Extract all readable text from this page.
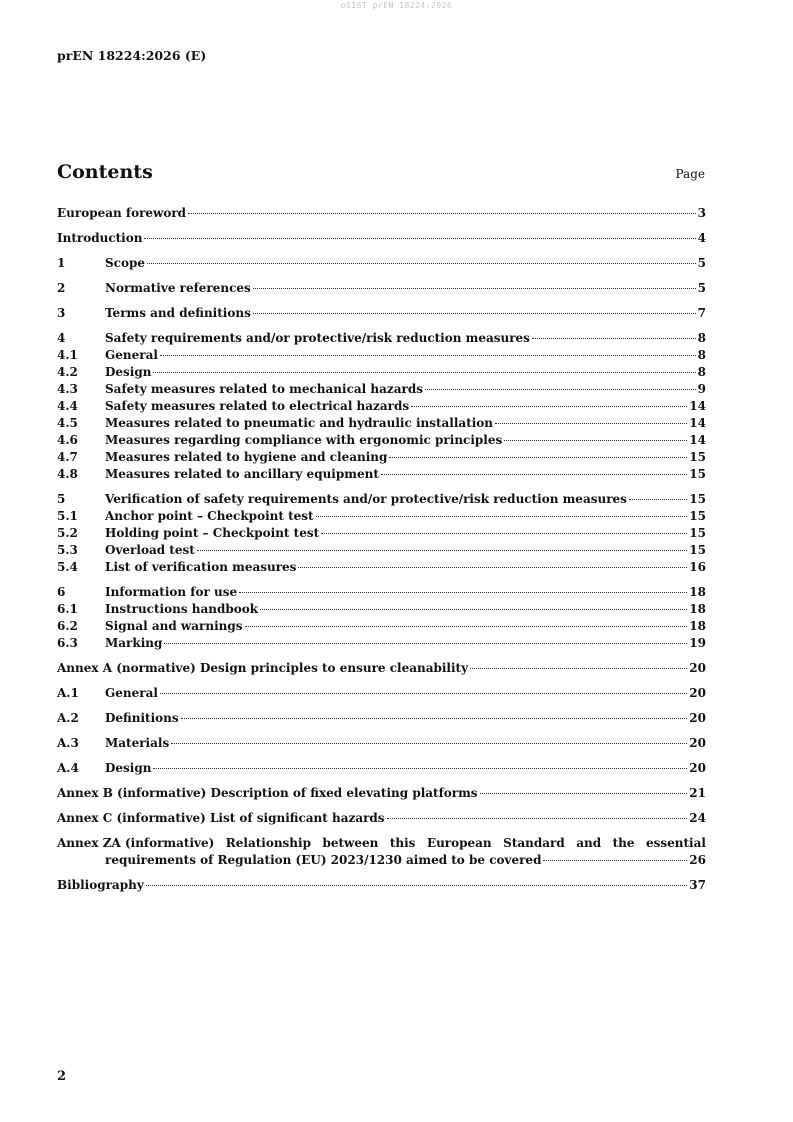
oSIST prEN 18224:2026
prEN 18224:2026 (E)
Contents	Page
European foreword	3
Introduction	4
1	Scope	5
2	Normative references	5
3	Terms and definitions	7
4	Safety requirements and/or protective/risk reduction measures	8
4.1	General	8
4.2	Design	8
4.3	Safety measures related to mechanical hazards	9
4.4	Safety measures related to electrical hazards	14
4.5	Measures related to pneumatic and hydraulic installation	14
4.6	Measures regarding compliance with ergonomic principles	14
4.7	Measures related to hygiene and cleaning	15
4.8	Measures related to ancillary equipment	15
5	Verification of safety requirements and/or protective/risk reduction measures	15
5.1	Anchor point – Checkpoint test	15
5.2	Holding point – Checkpoint test	15
5.3	Overload test	15
5.4	List of verification measures	16
6	Information for use	18
6.1	Instructions handbook	18
6.2	Signal and warnings	18
6.3	Marking	19
Annex A (normative) Design principles to ensure cleanability	20
A.1	General	20
A.2	Definitions	20
A.3	Materials	20
A.4	Design	20
Annex B (informative) Description of fixed elevating platforms	21
Annex C (informative) List of significant hazards	24
Annex ZA (informative) Relationship between this European Standard and the essential
requirements of Regulation (EU) 2023/1230 aimed to be covered	26
Bibliography	37
2
